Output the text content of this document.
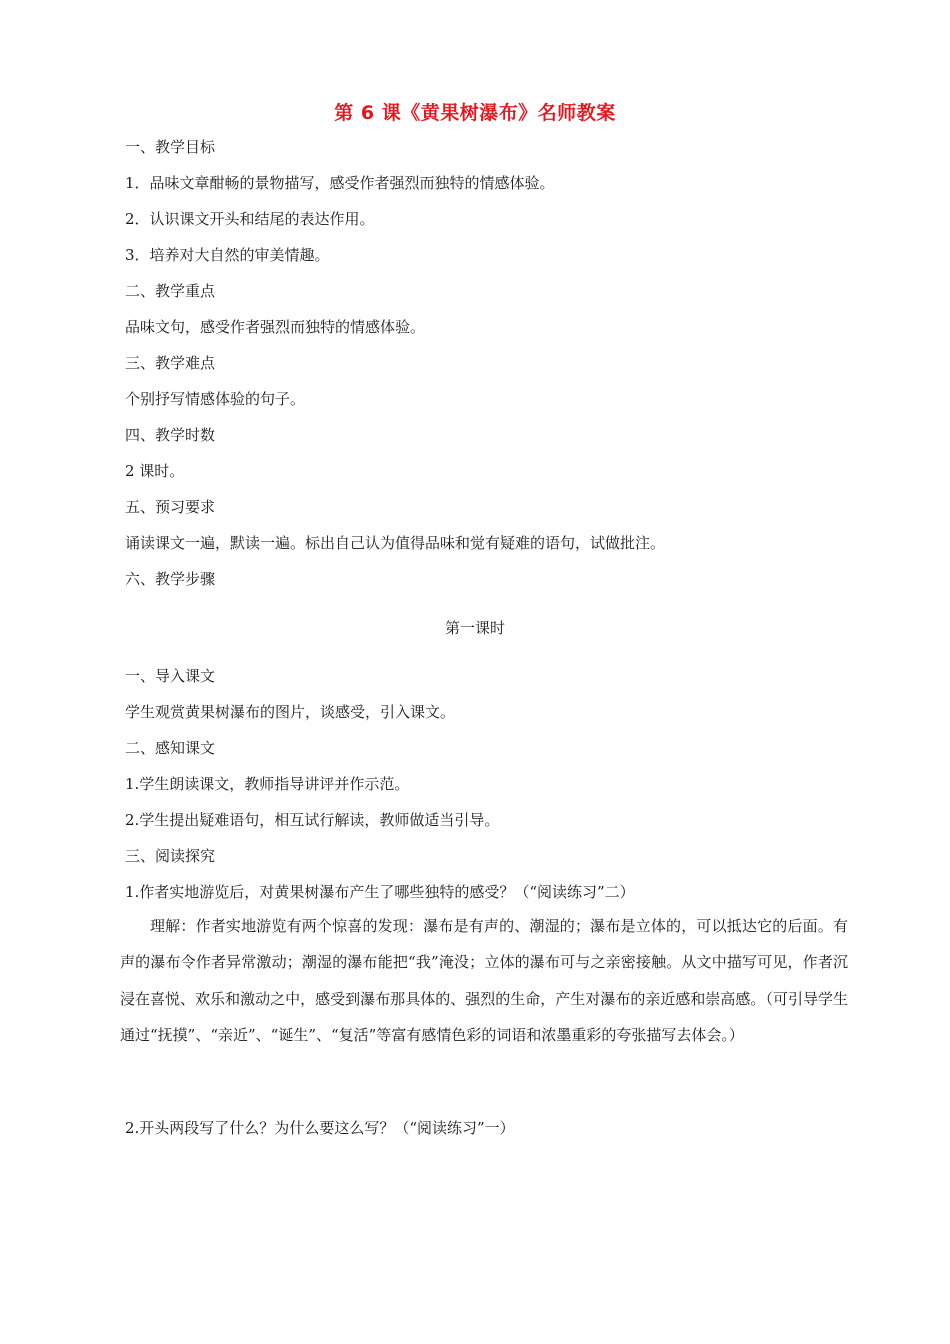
第 6 课《黄果树瀑布》名师教案
一、教学目标
1．品味文章酣畅的景物描写，感受作者强烈而独特的情感体验。
2．认识课文开头和结尾的表达作用。
3．培养对大自然的审美情趣。
二、教学重点
品味文句，感受作者强烈而独特的情感体验。
三、教学难点
个别抒写情感体验的句子。
四、教学时数
2 课时。
五、预习要求
诵读课文一遍，默读一遍。标出自己认为值得品味和觉有疑难的语句，试做批注。
六、教学步骤
第一课时
一、导入课文
学生观赏黄果树瀑布的图片，谈感受，引入课文。
二、感知课文
1.学生朗读课文，教师指导讲评并作示范。
2.学生提出疑难语句，相互试行解读，教师做适当引导。
三、阅读探究
1.作者实地游览后，对黄果树瀑布产生了哪些独特的感受？（“阅读练习”二）
理解：作者实地游览有两个惊喜的发现：瀑布是有声的、潮湿的；瀑布是立体的，可以抵达它的后面。有声的瀑布令作者异常激动；潮湿的瀑布能把“我”淹没；立体的瀑布可与之亲密接触。从文中描写可见，作者沉浸在喜悦、欢乐和激动之中，感受到瀑布那具体的、强烈的生命，产生对瀑布的亲近感和崇高感。（可引导学生通过“抚摸”、“亲近”、“诞生”、“复活”等富有感情色彩的词语和浓墨重彩的夸张描写去体会。）
2.开头两段写了什么？为什么要这么写？（“阅读练习”一）
